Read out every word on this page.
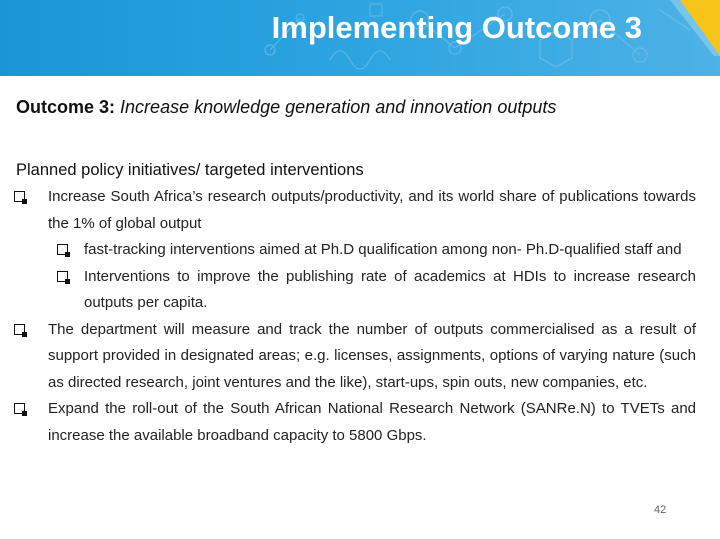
Implementing Outcome 3
Outcome 3: Increase knowledge generation and innovation outputs
Planned policy initiatives/ targeted interventions
Increase South Africa’s research outputs/productivity, and its world share of publications towards the 1% of global output
fast-tracking interventions aimed at Ph.D qualification among non- Ph.D-qualified staff and
Interventions to improve the publishing rate of academics at HDIs to increase research outputs per capita.
The department will measure and track the number of outputs commercialised as a result of support provided in designated areas; e.g. licenses, assignments, options of varying nature (such as directed research, joint ventures and the like), start-ups, spin outs, new companies, etc.
Expand the roll-out of the South African National Research Network (SANRe.N) to TVETs and increase the available broadband capacity to 5800 Gbps.
42
